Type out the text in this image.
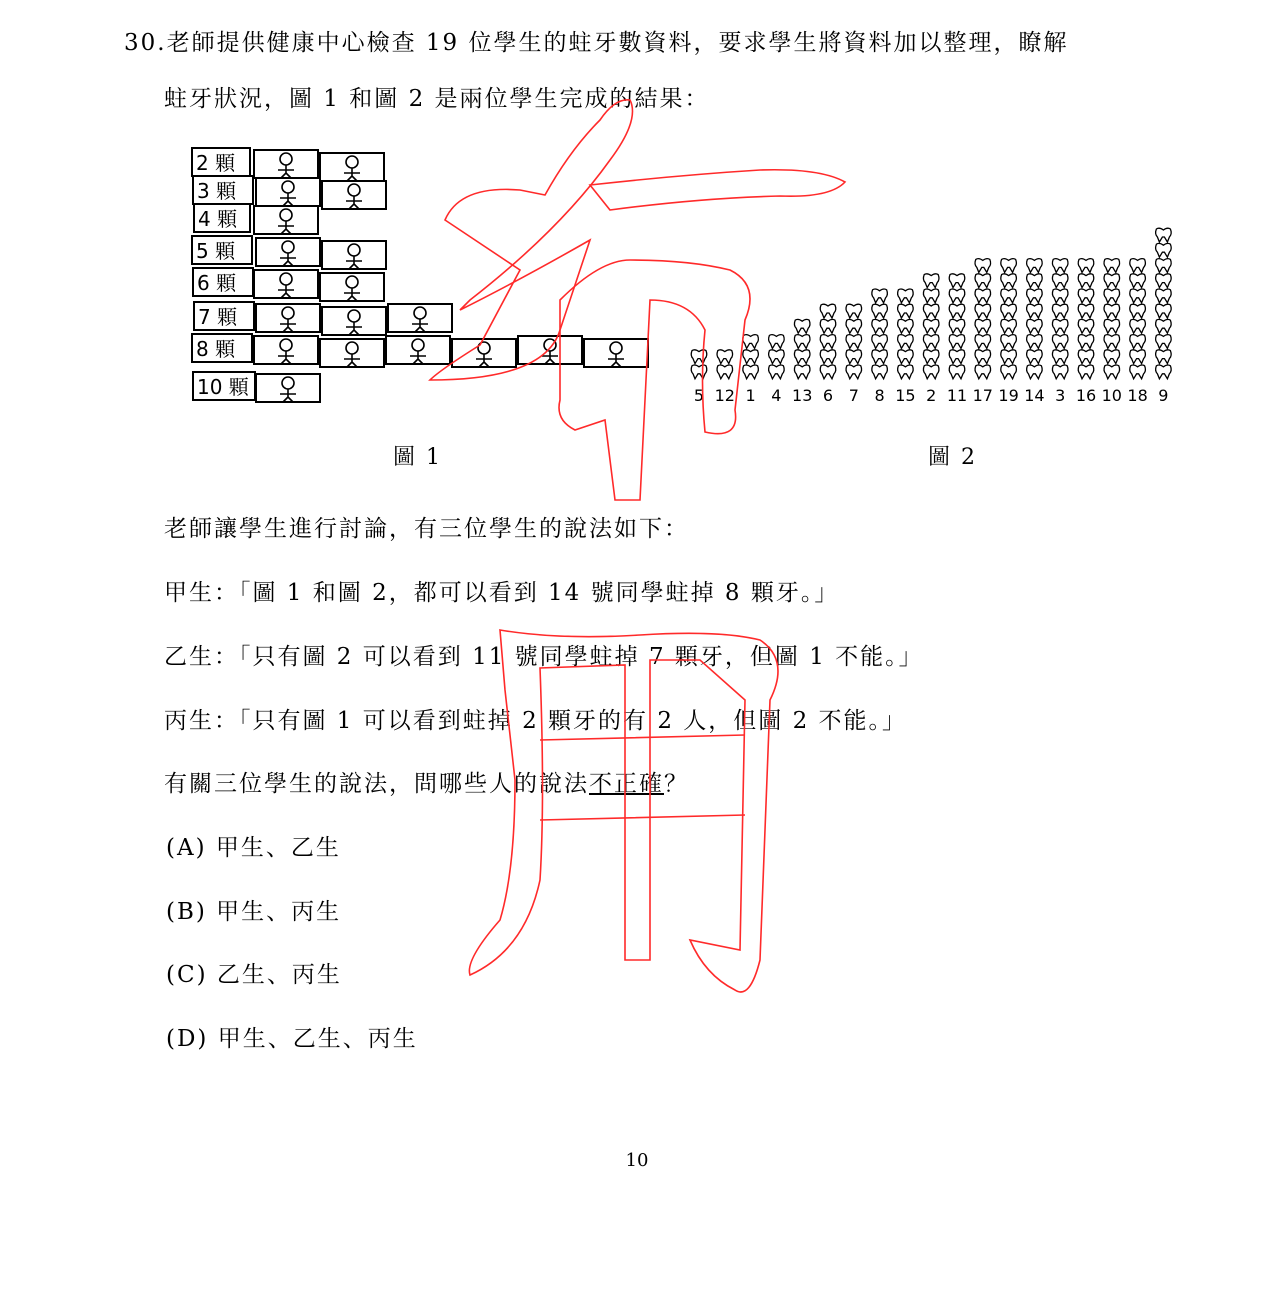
30.老師提供健康中心檢查 19 位學生的蛀牙數資料，要求學生將資料加以整理，瞭解
蛀牙狀況，圖 1 和圖 2 是兩位學生完成的結果：
2 顆
3 顆
4 顆
5 顆
6 顆
7 顆
8 顆
10 顆
圖 1
5 12 1 4 13 6 7 8 15 2 11 17 19 14 3 16 10 18 9
圖 2
老師讓學生進行討論，有三位學生的說法如下：
甲生：「圖 1 和圖 2，都可以看到 14 號同學蛀掉 8 顆牙。」
乙生：「只有圖 2 可以看到 11 號同學蛀掉 7 顆牙，但圖 1 不能。」
丙生：「只有圖 1 可以看到蛀掉 2 顆牙的有 2 人，但圖 2 不能。」
有關三位學生的說法，問哪些人的說法不正確？
(A) 甲生、乙生
(B) 甲生、丙生
(C) 乙生、丙生
(D) 甲生、乙生、丙生
10
